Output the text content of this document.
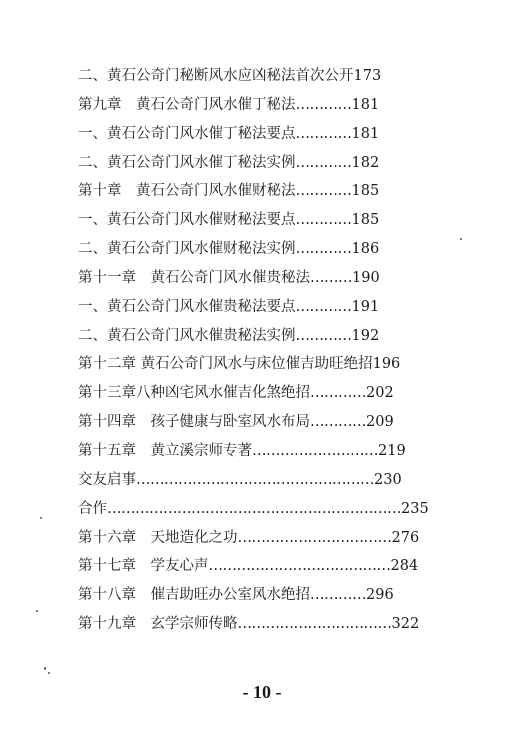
二、黄石公奇门秘断风水应凶秘法首次公开173
第九章　黄石公奇门风水催丁秘法…………181
一、黄石公奇门风水催丁秘法要点…………181
二、黄石公奇门风水催丁秘法实例…………182
第十章　黄石公奇门风水催财秘法…………185
一、黄石公奇门风水催财秘法要点…………185
二、黄石公奇门风水催财秘法实例…………186
第十一章　黄石公奇门风水催贵秘法………190
一、黄石公奇门风水催贵秘法要点…………191
二、黄石公奇门风水催贵秘法实例…………192
第十二章 黄石公奇门风水与床位催吉助旺绝招196
第十三章八种凶宅风水催吉化煞绝招…………202
第十四章　孩子健康与卧室风水布局…………209
第十五章　黄立溪宗师专著………………………219
交友启事……………………………………………230
合作………………………………………………………235
第十六章　天地造化之功……………………………276
第十七章　学友心声…………………………………284
第十八章　催吉助旺办公室风水绝招…………296
第十九章　玄学宗师传略……………………………322
- 10 -
